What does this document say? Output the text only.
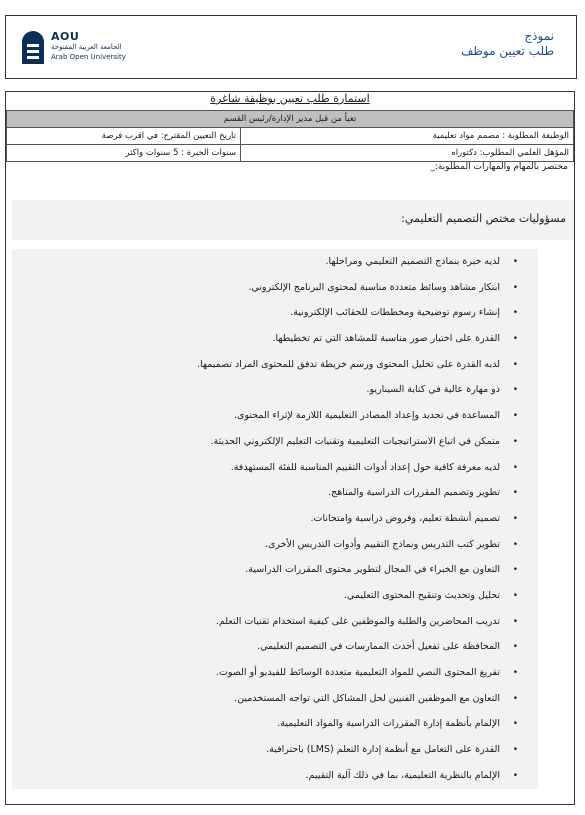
AOU
الجامعة العربية المفتوحة
Arab Open University
نموذج
طلب تعيين موظف
استمارة طلب تعيين بوظيفة شاغرة
تعبأ من قبل مدير الإدارة/رئيس القسم	
الوظيفة المطلوبة : مصمم مواد تعليمية	تاريخ التعيين المقترح: في اقرب فرصة
المؤهل العلمي المطلوب: دكتوراه	سنوات الخبرة : 5 سنوات واكثر
مختصر بالمهام والمهارات المطلوبة:_
مسؤوليات مختص التصميم التعليمي:
•
لديه خبرة بنماذج التصميم التعليمي ومراحلها.
•
ابتكار مشاهد وسائط متعددة مناسبة لمحتوى البرنامج الإلكتروني.
•
إنشاء رسوم توضيحية ومخططات للحقائب الإلكترونية.
•
القدرة على اختيار صور مناسبة للمشاهد التي تم تخطيطها.
•
لديه القدرة على تحليل المحتوى ورسم خريطة تدفق للمحتوى المراد تصميمها.
•
ذو مهارة عالية في كتابة السيناريو.
•
المساعدة في تحديد وإعداد المصادر التعليمية اللازمة لإثراء المحتوى.
•
متمكن في اتباع الاستراتيجيات التعليمية وتقنيات التعليم الإلكتروني الحديثة.
•
لديه معرفة كافية حول إعداد أدوات التقييم المناسبة للفئة المستهدفة.
•
تطوير وتصميم المقررات الدراسية والمناهج.
•
تصميم أنشطة تعليم، وفروض دراسية وامتحانات.
•
تطوير كتب التدريس ونماذج التقييم وأدوات التدريس الأخرى.
•
التعاون مع الخبراء في المجال لتطوير محتوى المقررات الدراسية.
•
تحليل وتحديث وتنقيح المحتوى التعليمي.
•
تدريب المحاضرين والطلبة والموظفين على كيفية استخدام تقنيات التعلم.
•
المحافظة على تفعيل أحدث الممارسات في التصميم التعليمي.
•
تفريغ المحتوى النصي للمواد التعليمية متعددة الوسائط للفيديو أو الصوت.
•
التعاون مع الموظفين الفنيين لحل المشاكل التي تواجه المستخدمين.
•
الإلمام بأنظمة إدارة المقررات الدراسية والمواد التعليمية.
•
القدرة على التعامل مع أنظمة إدارة التعلم (LMS) باحترافية.
•
الإلمام بالنظرية التعليمية، بما في ذلك آلية التقييم.
